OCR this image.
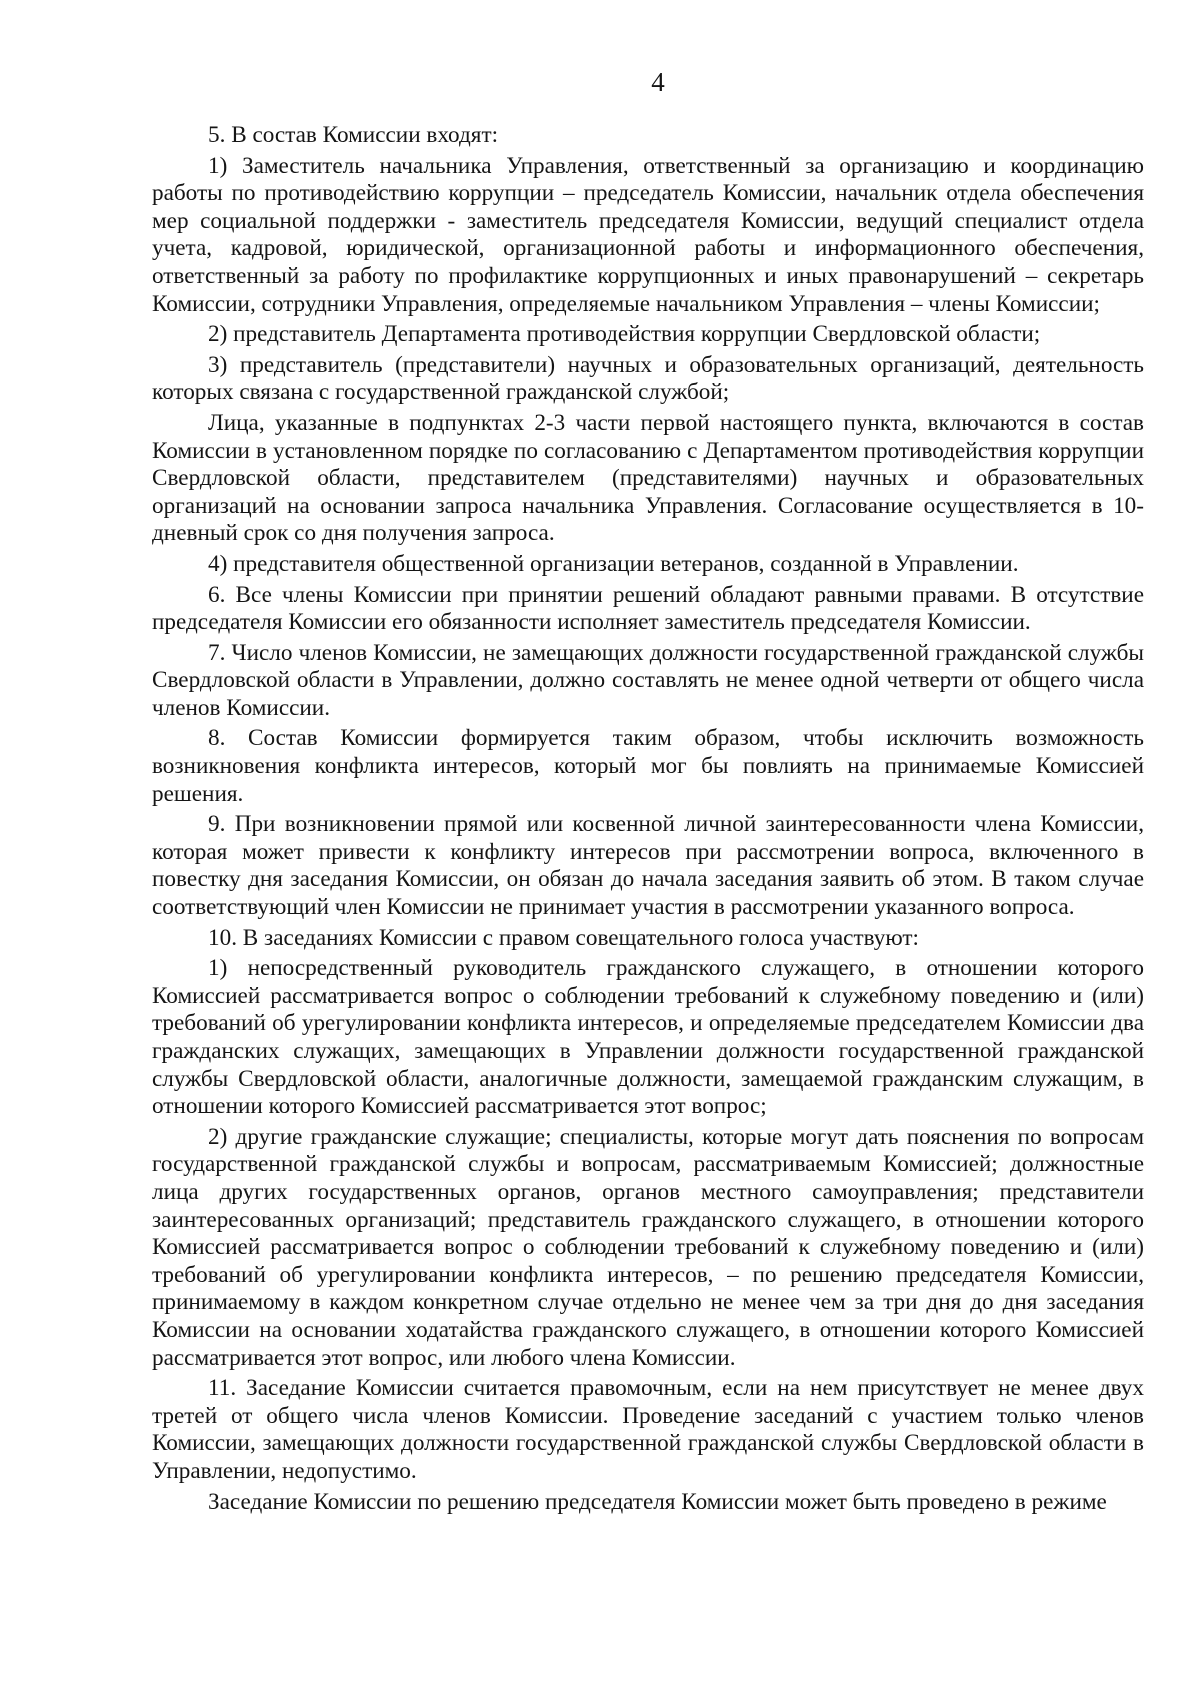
4

5. В состав Комиссии входят:

1) Заместитель начальника Управления, ответственный за организацию и координацию работы по противодействию коррупции – председатель Комиссии, начальник отдела обеспечения мер социальной поддержки - заместитель председателя Комиссии, ведущий специалист отдела учета, кадровой, юридической, организационной работы и информационного обеспечения, ответственный за работу по профилактике коррупционных и иных правонарушений – секретарь Комиссии, сотрудники Управления, определяемые начальником Управления – члены Комиссии;

2) представитель Департамента противодействия коррупции Свердловской области;

3) представитель (представители) научных и образовательных организаций, деятельность которых связана с государственной гражданской службой;

Лица, указанные в подпунктах 2-3 части первой настоящего пункта, включаются в состав Комиссии в установленном порядке по согласованию с Департаментом противодействия коррупции Свердловской области, представителем (представителями) научных и образовательных организаций на основании запроса начальника Управления. Согласование осуществляется в 10-дневный срок со дня получения запроса.

4) представителя общественной организации ветеранов, созданной в Управлении.

6. Все члены Комиссии при принятии решений обладают равными правами. В отсутствие председателя Комиссии его обязанности исполняет заместитель председателя Комиссии.

7. Число членов Комиссии, не замещающих должности государственной гражданской службы Свердловской области в Управлении, должно составлять не менее одной четверти от общего числа членов Комиссии.

8. Состав Комиссии формируется таким образом, чтобы исключить возможность возникновения конфликта интересов, который мог бы повлиять на принимаемые Комиссией решения.

9. При возникновении прямой или косвенной личной заинтересованности члена Комиссии, которая может привести к конфликту интересов при рассмотрении вопроса, включенного в повестку дня заседания Комиссии, он обязан до начала заседания заявить об этом. В таком случае соответствующий член Комиссии не принимает участия в рассмотрении указанного вопроса.

10. В заседаниях Комиссии с правом совещательного голоса участвуют:

1) непосредственный руководитель гражданского служащего, в отношении которого Комиссией рассматривается вопрос о соблюдении требований к служебному поведению и (или) требований об урегулировании конфликта интересов, и определяемые председателем Комиссии два гражданских служащих, замещающих в Управлении должности государственной гражданской службы Свердловской области, аналогичные должности, замещаемой гражданским служащим, в отношении которого Комиссией рассматривается этот вопрос;

2) другие гражданские служащие; специалисты, которые могут дать пояснения по вопросам государственной гражданской службы и вопросам, рассматриваемым Комиссией; должностные лица других государственных органов, органов местного самоуправления; представители заинтересованных организаций; представитель гражданского служащего, в отношении которого Комиссией рассматривается вопрос о соблюдении требований к служебному поведению и (или) требований об урегулировании конфликта интересов, – по решению председателя Комиссии, принимаемому в каждом конкретном случае отдельно не менее чем за три дня до дня заседания Комиссии на основании ходатайства гражданского служащего, в отношении которого Комиссией рассматривается этот вопрос, или любого члена Комиссии.

11. Заседание Комиссии считается правомочным, если на нем присутствует не менее двух третей от общего числа членов Комиссии. Проведение заседаний с участием только членов Комиссии, замещающих должности государственной гражданской службы Свердловской области в Управлении, недопустимо.

Заседание Комиссии по решению председателя Комиссии может быть проведено в режиме
